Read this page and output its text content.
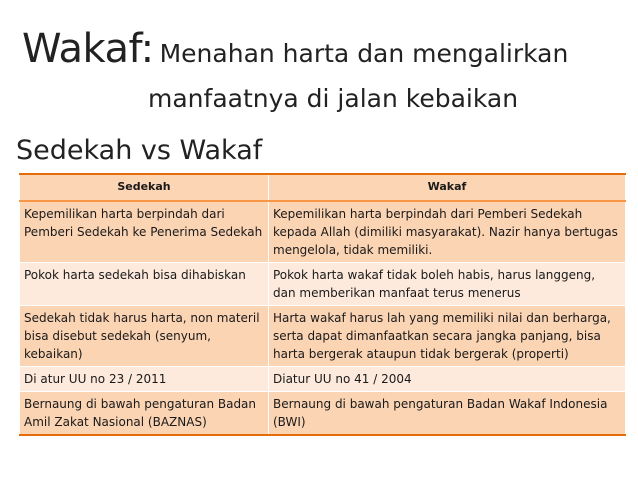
Wakaf: Menahan harta dan mengalirkan
manfaatnya di jalan kebaikan
Sedekah vs Wakaf
Sedekah	Wakaf
Kepemilikan harta berpindah dari Pemberi Sedekah ke Penerima Sedekah	Kepemilikan harta berpindah dari Pemberi Sedekah kepada Allah (dimiliki masyarakat). Nazir hanya bertugas mengelola, tidak memiliki.
Pokok harta sedekah bisa dihabiskan	Pokok harta wakaf tidak boleh habis, harus langgeng, dan memberikan manfaat terus menerus
Sedekah tidak harus harta, non materil bisa disebut sedekah (senyum, kebaikan)	Harta wakaf harus lah yang memiliki nilai dan berharga, serta dapat dimanfaatkan secara jangka panjang, bisa harta bergerak ataupun tidak bergerak (properti)
Di atur UU no 23 / 2011	Diatur UU no 41 / 2004
Bernaung di bawah pengaturan Badan Amil Zakat Nasional (BAZNAS)	Bernaung di bawah pengaturan Badan Wakaf Indonesia (BWI)
